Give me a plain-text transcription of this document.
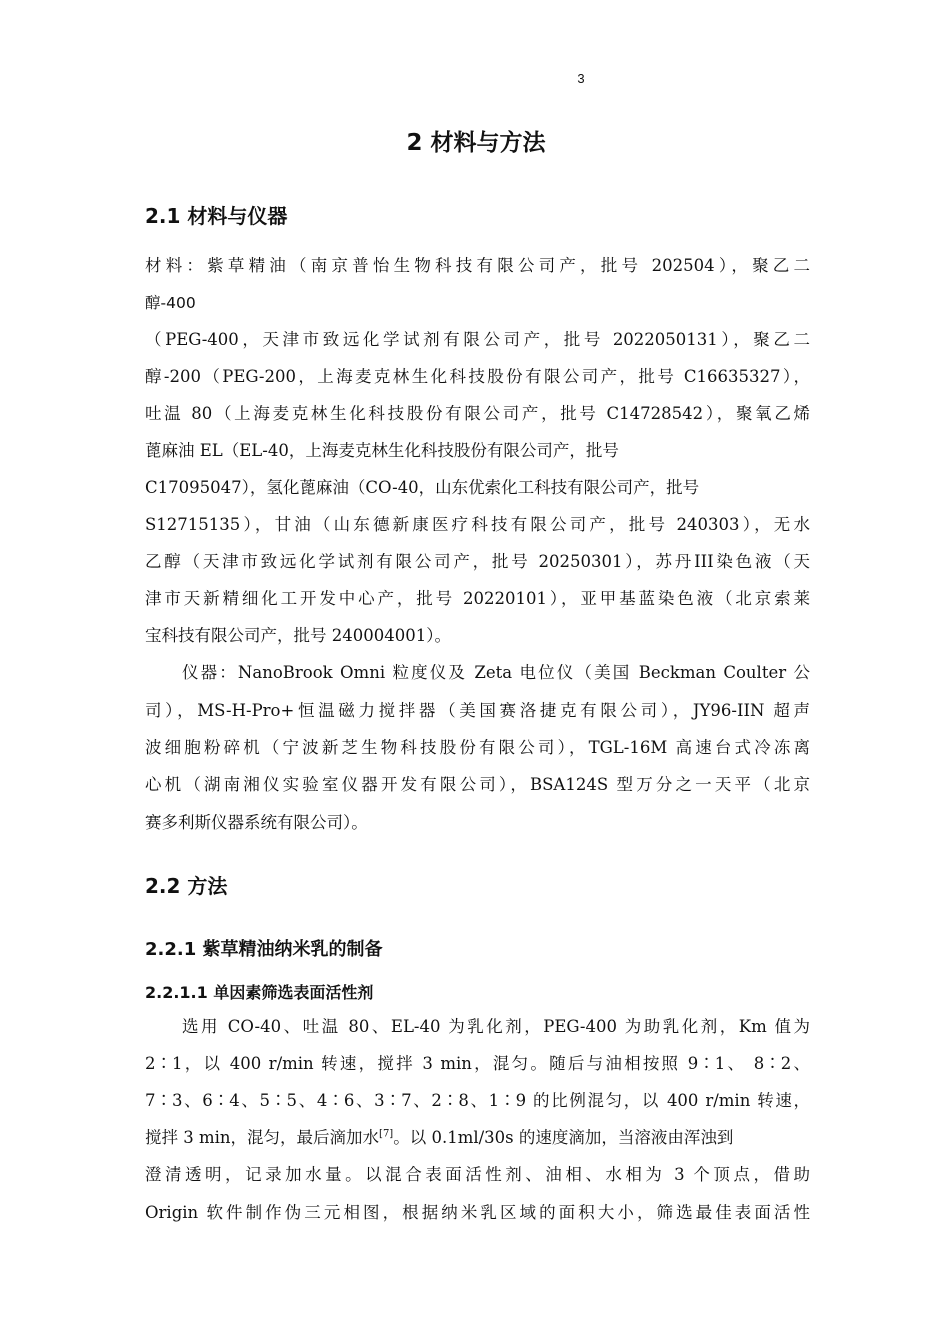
3
2 材料与方法
2.1 材料与仪器

材料：紫草精油（南京普怡生物科技有限公司产，批号 202504），聚乙二

醇-400

（PEG-400，天津市致远化学试剂有限公司产，批号 2022050131），聚乙二

醇-200（PEG-200，上海麦克林生化科技股份有限公司产，批号 C16635327），

吐温 80（上海麦克林生化科技股份有限公司产，批号 C14728542），聚氧乙烯

蓖麻油 EL（EL-40，上海麦克林生化科技股份有限公司产，批号

C17095047），氢化蓖麻油（CO-40，山东优索化工科技有限公司产，批号

S12715135），甘油（山东德新康医疗科技有限公司产，批号 240303），无水

乙醇（天津市致远化学试剂有限公司产，批号 20250301），苏丹III染色液（天

津市天新精细化工开发中心产，批号 20220101），亚甲基蓝染色液（北京索莱

宝科技有限公司产，批号 240004001）。

仪器：NanoBrook Omni 粒度仪及 Zeta 电位仪（美国 Beckman Coulter 公

司），MS-H-Pro+恒温磁力搅拌器（美国赛洛捷克有限公司），JY96-IIN 超声

波细胞粉碎机（宁波新芝生物科技股份有限公司），TGL-16M 高速台式冷冻离

心机（湖南湘仪实验室仪器开发有限公司），BSA124S 型万分之一天平（北京

赛多利斯仪器系统有限公司）。

2.2 方法
2.2.1 紫草精油纳米乳的制备
2.2.1.1 单因素筛选表面活性剂

选用 CO-40、吐温 80、EL-40 为乳化剂，PEG-400 为助乳化剂，Km 值为

2∶1，以 400 r/min 转速，搅拌 3 min，混匀。随后与油相按照 9∶1、 8∶2、

7∶3、6∶4、5∶5、4∶6、3∶7、2∶8、1∶9 的比例混匀，以 400 r/min 转速，

搅拌 3 min，混匀，最后滴加水[7]。以 0.1ml/30s 的速度滴加，当溶液由浑浊到

澄清透明，记录加水量。以混合表面活性剂、油相、水相为 3 个顶点，借助

Origin 软件制作伪三元相图，根据纳米乳区域的面积大小，筛选最佳表面活性
